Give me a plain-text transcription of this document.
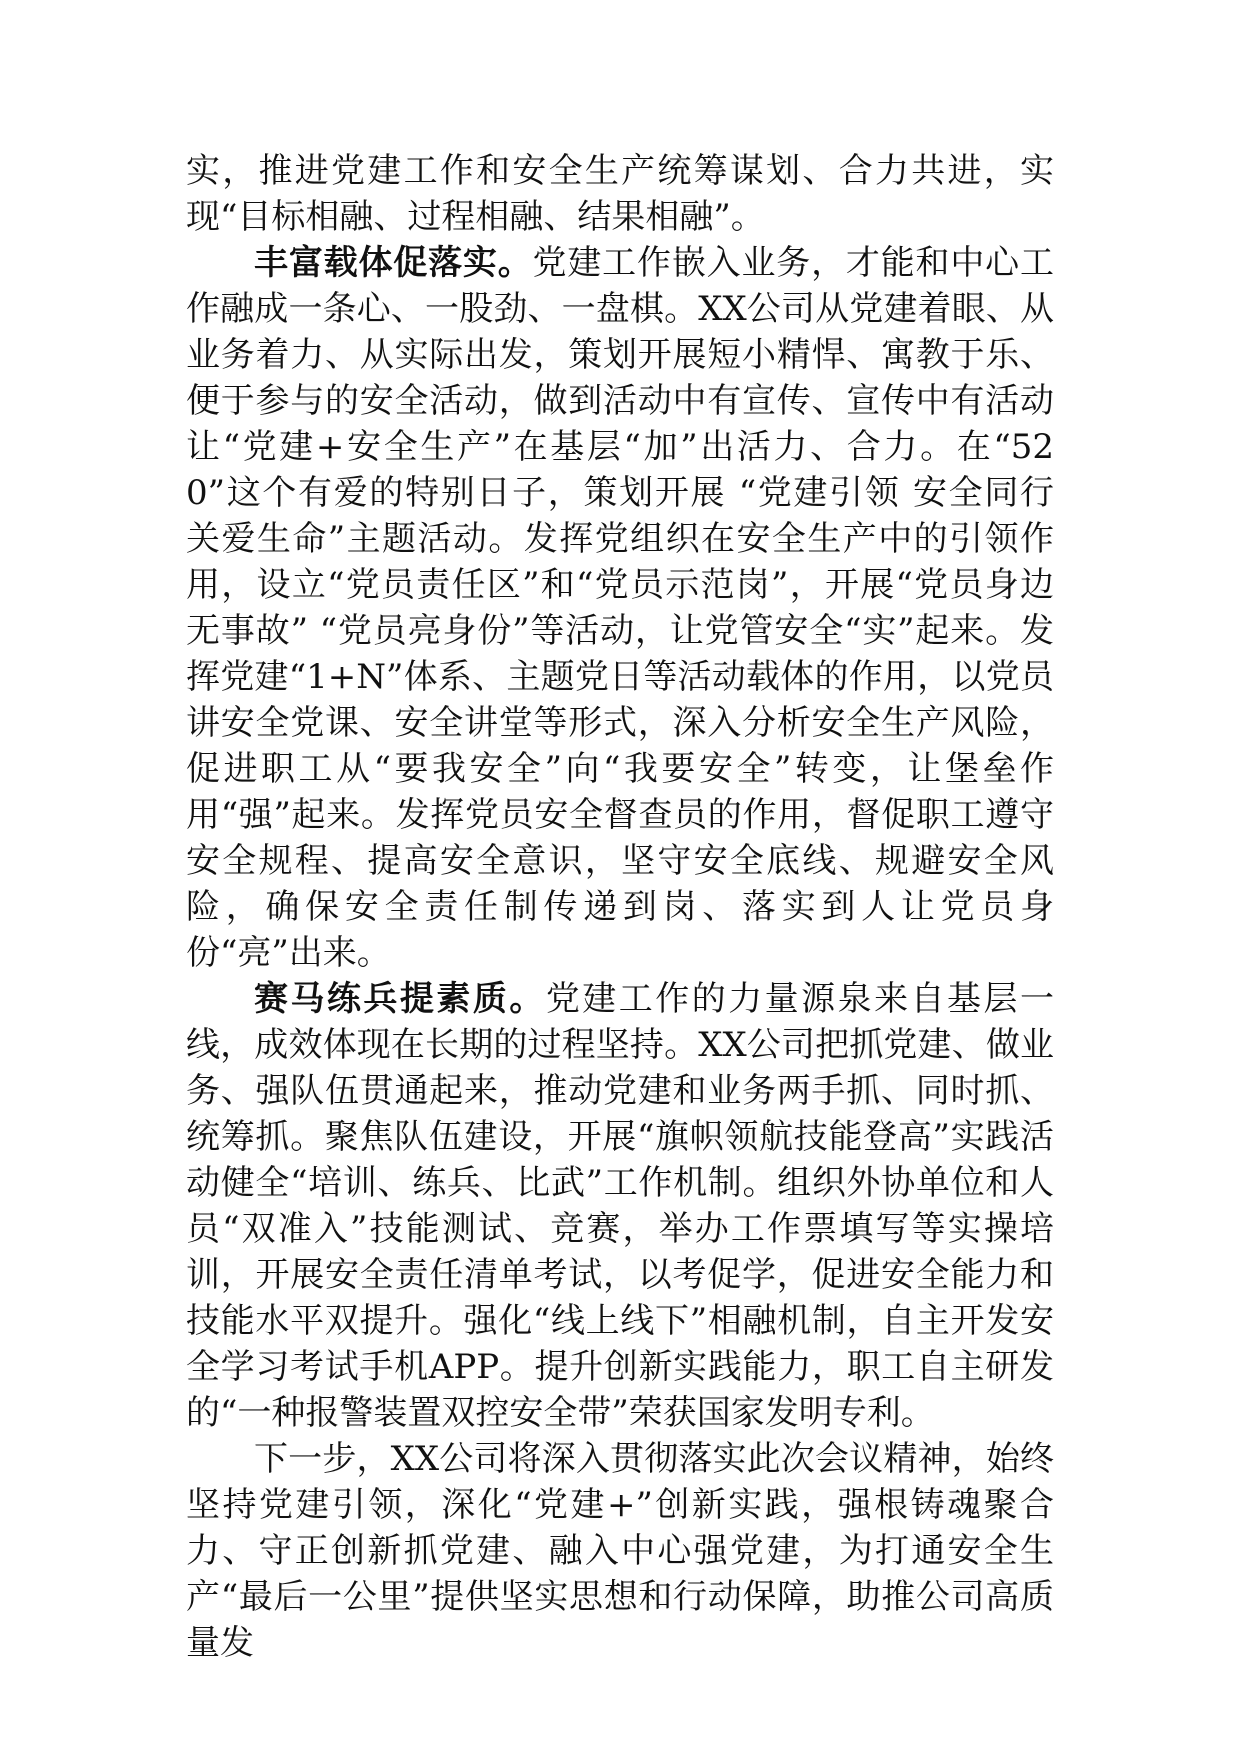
实，推进党建工作和安全生产统筹谋划、合力共进，实现“目标相融、过程相融、结果相融”。

丰富载体促落实。党建工作嵌入业务，才能和中心工作融成一条心、一股劲、一盘棋。XX公司从党建着眼、从业务着力、从实际出发，策划开展短小精悍、寓教于乐、便于参与的安全活动，做到活动中有宣传、宣传中有活动让“党建+安全生产”在基层“加”出活力、合力。在“520”这个有爱的特别日子，策划开展 “党建引领 安全同行 关爱生命”主题活动。发挥党组织在安全生产中的引领作用，设立“党员责任区”和“党员示范岗”，开展“党员身边无事故” “党员亮身份”等活动，让党管安全“实”起来。发挥党建“1+N”体系、主题党日等活动载体的作用，以党员讲安全党课、安全讲堂等形式，深入分析安全生产风险，促进职工从“要我安全”向“我要安全”转变，让堡垒作用“强”起来。发挥党员安全督查员的作用，督促职工遵守安全规程、提高安全意识，坚守安全底线、规避安全风险，确保安全责任制传递到岗、落实到人让党员身份“亮”出来。

赛马练兵提素质。党建工作的力量源泉来自基层一线，成效体现在长期的过程坚持。XX公司把抓党建、做业务、强队伍贯通起来，推动党建和业务两手抓、同时抓、统筹抓。聚焦队伍建设，开展“旗帜领航技能登高”实践活动健全“培训、练兵、比武”工作机制。组织外协单位和人员“双准入”技能测试、竞赛，举办工作票填写等实操培训，开展安全责任清单考试，以考促学，促进安全能力和技能水平双提升。强化“线上线下”相融机制，自主开发安全学习考试手机APP。提升创新实践能力，职工自主研发的“一种报警装置双控安全带”荣获国家发明专利。

下一步，XX公司将深入贯彻落实此次会议精神，始终坚持党建引领，深化“党建+”创新实践，强根铸魂聚合力、守正创新抓党建、融入中心强党建，为打通安全生产“最后一公里”提供坚实思想和行动保障，助推公司高质量发
